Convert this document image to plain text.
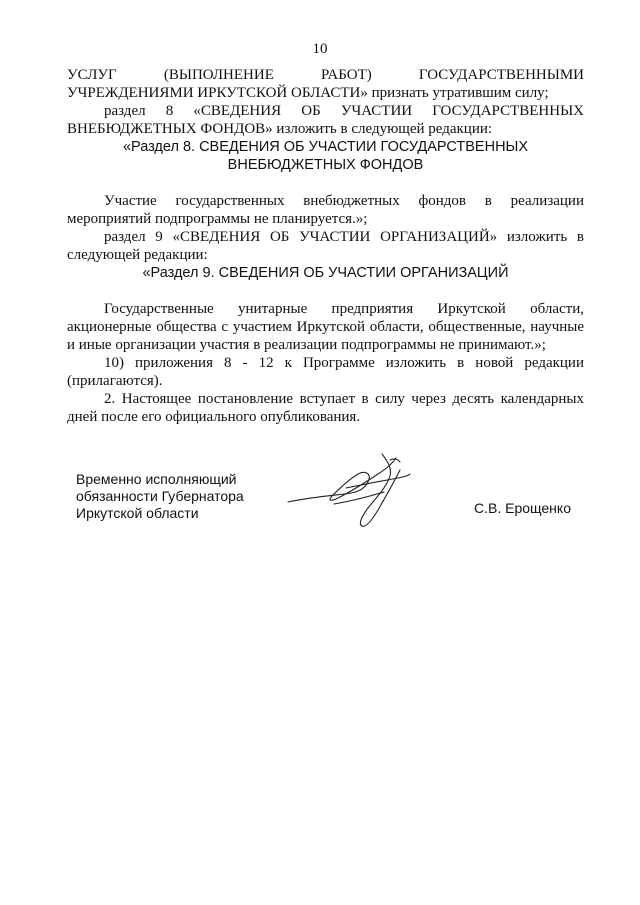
10

УСЛУГ (ВЫПОЛНЕНИЕ РАБОТ) ГОСУДАРСТВЕННЫМИ

УЧРЕЖДЕНИЯМИ ИРКУТСКОЙ ОБЛАСТИ» признать утратившим силу;

раздел 8 «СВЕДЕНИЯ ОБ УЧАСТИИ ГОСУДАРСТВЕННЫХ ВНЕБЮДЖЕТНЫХ ФОНДОВ» изложить в следующей редакции:

«Раздел 8. СВЕДЕНИЯ ОБ УЧАСТИИ ГОСУДАРСТВЕННЫХ ВНЕБЮДЖЕТНЫХ ФОНДОВ

Участие государственных внебюджетных фондов в реализации мероприятий подпрограммы не планируется.»;

раздел 9 «СВЕДЕНИЯ ОБ УЧАСТИИ ОРГАНИЗАЦИЙ» изложить в следующей редакции:

«Раздел 9. СВЕДЕНИЯ ОБ УЧАСТИИ ОРГАНИЗАЦИЙ

Государственные унитарные предприятия Иркутской области, акционерные общества с участием Иркутской области, общественные, научные и иные организации участия в реализации подпрограммы не принимают.»;

10) приложения 8 - 12 к Программе изложить в новой редакции (прилагаются).

2. Настоящее постановление вступает в силу через десять календарных дней после его официального опубликования.

Временно исполняющий
обязанности Губернатора
Иркутской области	С.В. Ерощенко
